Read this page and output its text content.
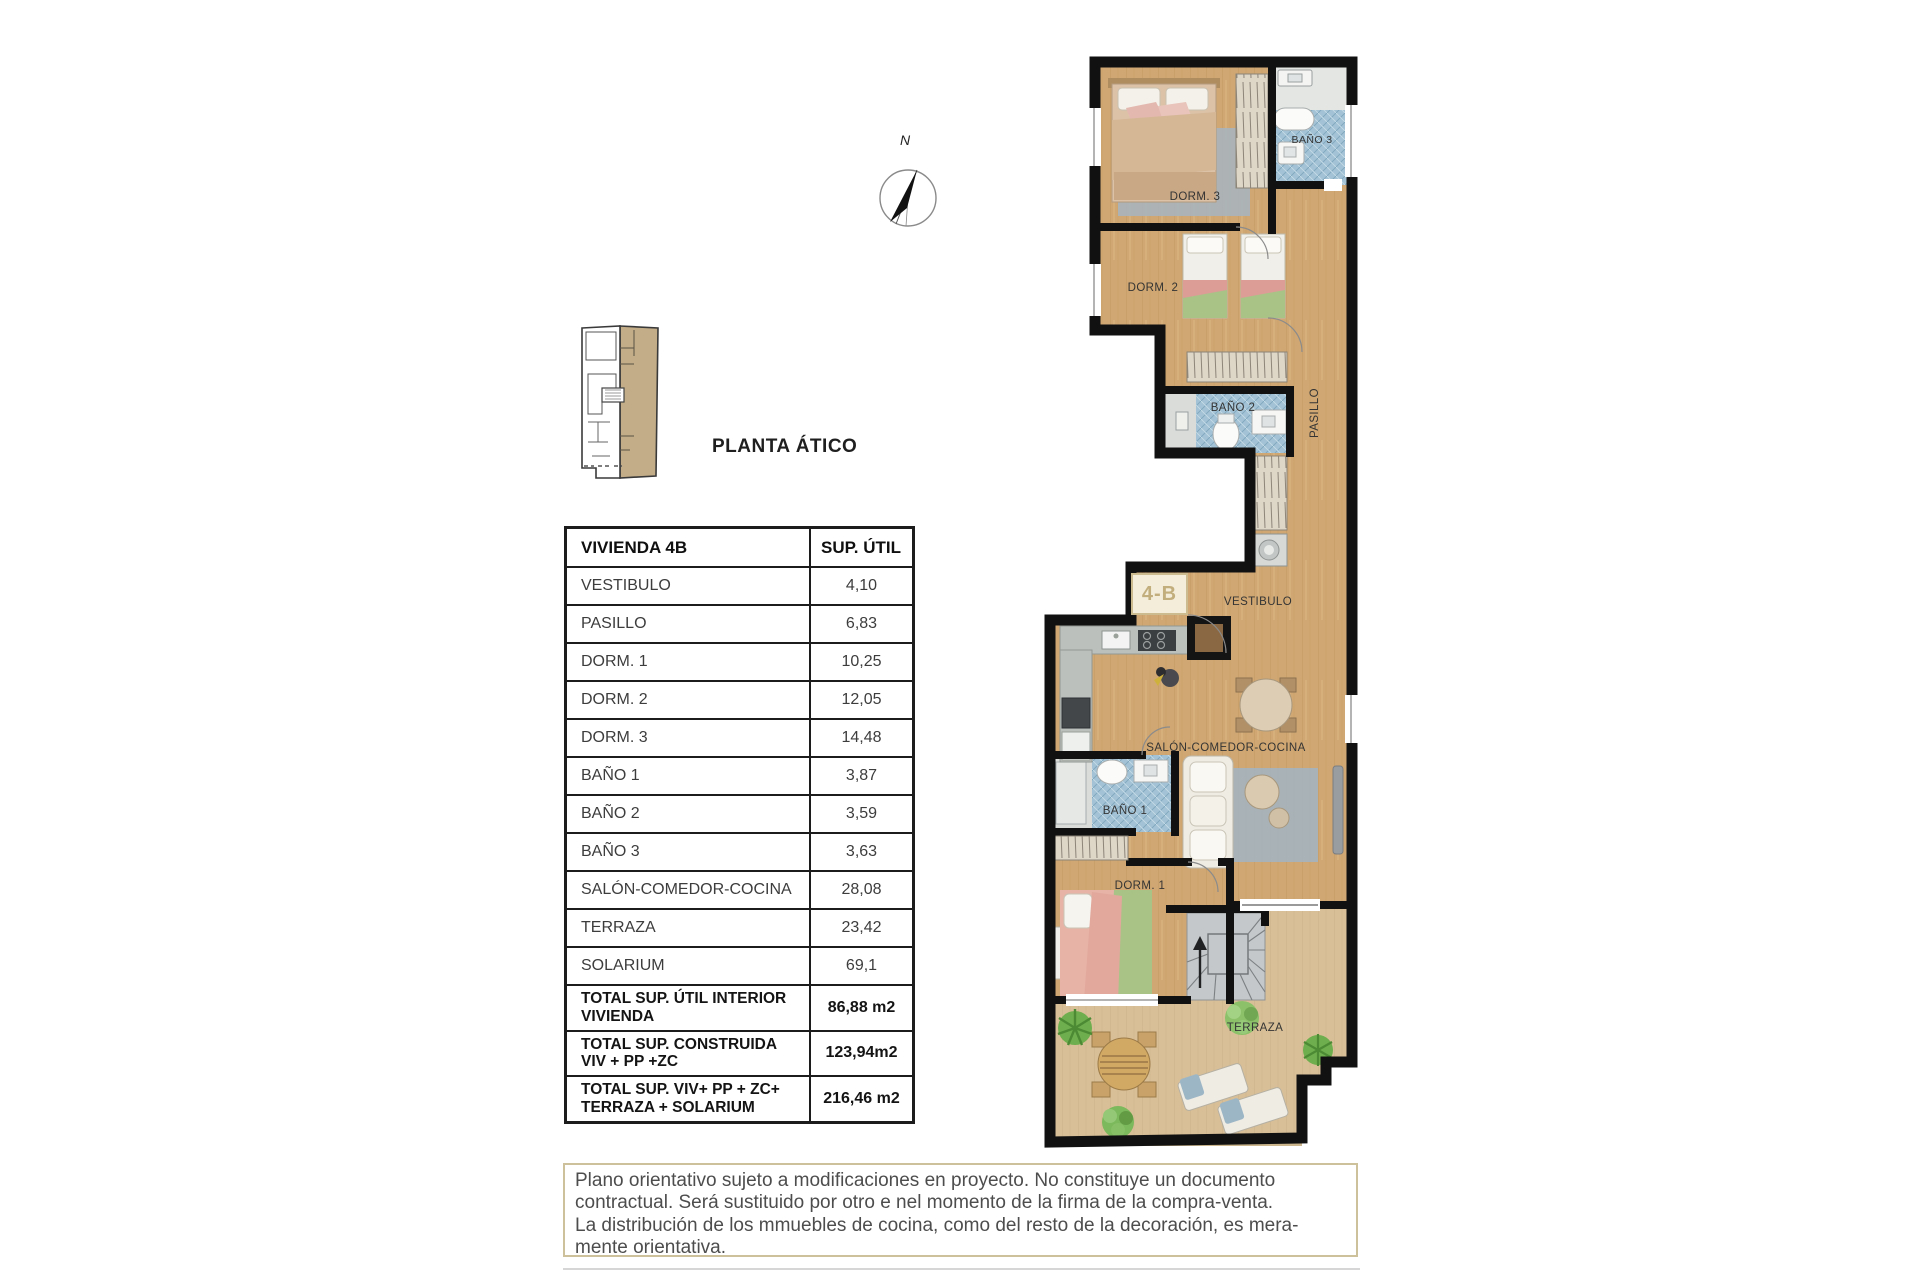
N
PLANTA ÁTICO
VIVIENDA 4B	SUP. ÚTIL
VESTIBULO	4,10
PASILLO	6,83
DORM. 1	10,25
DORM. 2	12,05
DORM. 3	14,48
BAÑO 1	3,87
BAÑO 2	3,59
BAÑO 3	3,63
SALÓN-COMEDOR-COCINA	28,08
TERRAZA	23,42
SOLARIUM	69,1
TOTAL SUP. ÚTIL INTERIOR VIVIENDA
86,88 m2
TOTAL SUP. CONSTRUIDA VIV + PP +ZC
123,94m2
TOTAL SUP. VIV+ PP + ZC+ TERRAZA + SOLARIUM
216,46 m2
DORM. 3
BAÑO 3
DORM. 2
BAÑO 2	PASILLO
VESTIBULO
SALÓN-COMEDOR-COCINA
BAÑO 1
DORM. 1
TERRAZA
4-B
Plano orientativo sujeto a modificaciones en proyecto. No constituye un documento
contractual. Será sustituido por otro e nel momento de la firma de la compra-venta.
La distribución de los mmuebles de cocina, como del resto de la decoración, es mera-
mente orientativa.
